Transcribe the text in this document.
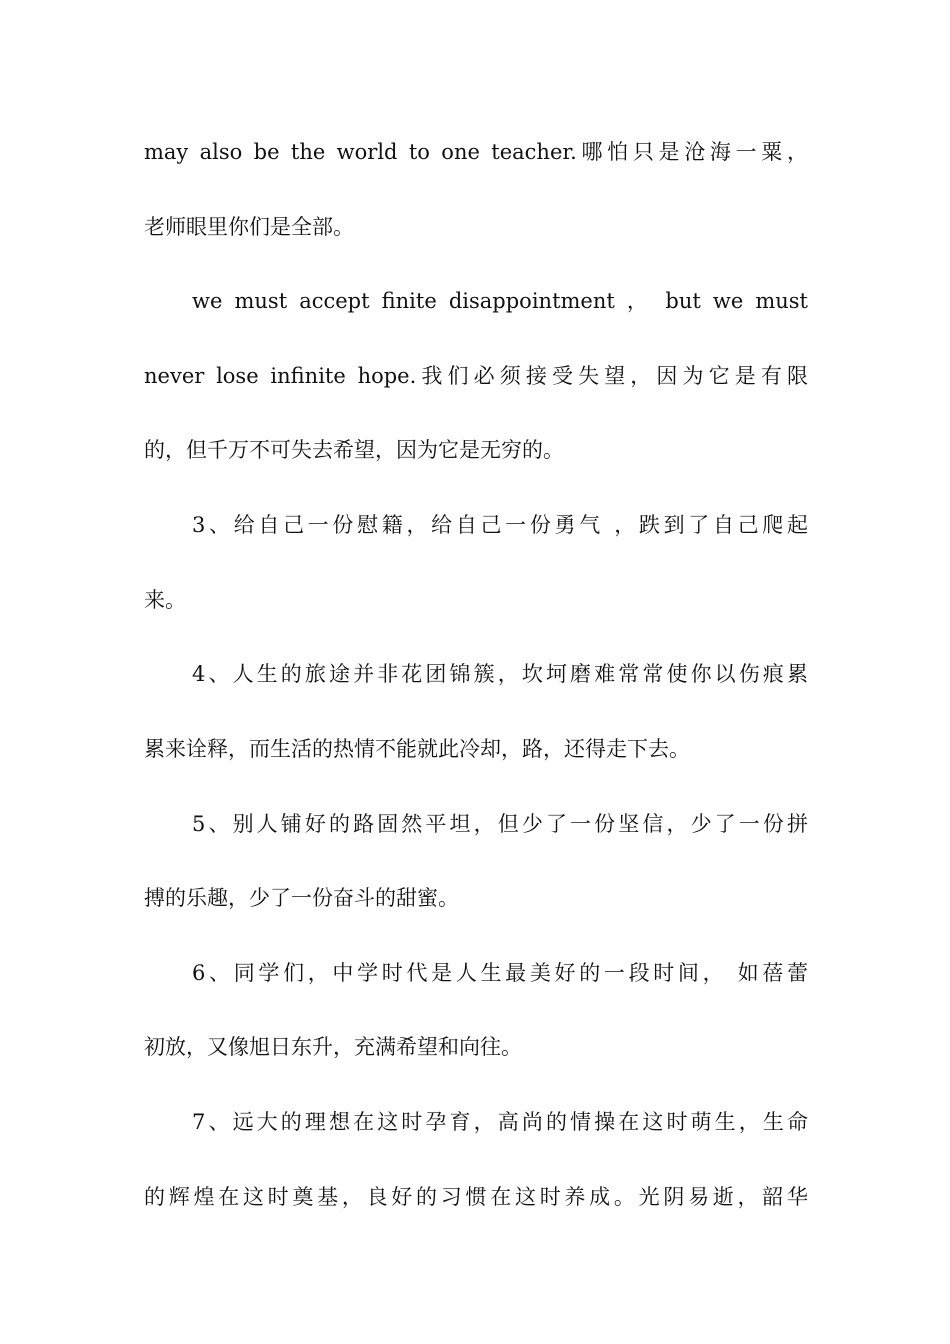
may also be the world to one teacher.哪怕只是沧海一粟，
老师眼里你们是全部。
we must accept finite disappointment ， but we must
never lose infinite hope.我们必须接受失望，因为它是有限
的，但千万不可失去希望，因为它是无穷的。
3、给自己一份慰籍，给自己一份勇气 ，跌到了自己爬起
来。
4、人生的旅途并非花团锦簇，坎坷磨难常常使你以伤痕累
累来诠释，而生活的热情不能就此冷却，路，还得走下去。
5、别人铺好的路固然平坦，但少了一份坚信，少了一份拼
搏的乐趣，少了一份奋斗的甜蜜。
6、同学们，中学时代是人生最美好的一段时间， 如蓓蕾
初放，又像旭日东升，充满希望和向往。
7、远大的理想在这时孕育，高尚的情操在这时萌生，生命
的辉煌在这时奠基，良好的习惯在这时养成。光阴易逝，韶华
